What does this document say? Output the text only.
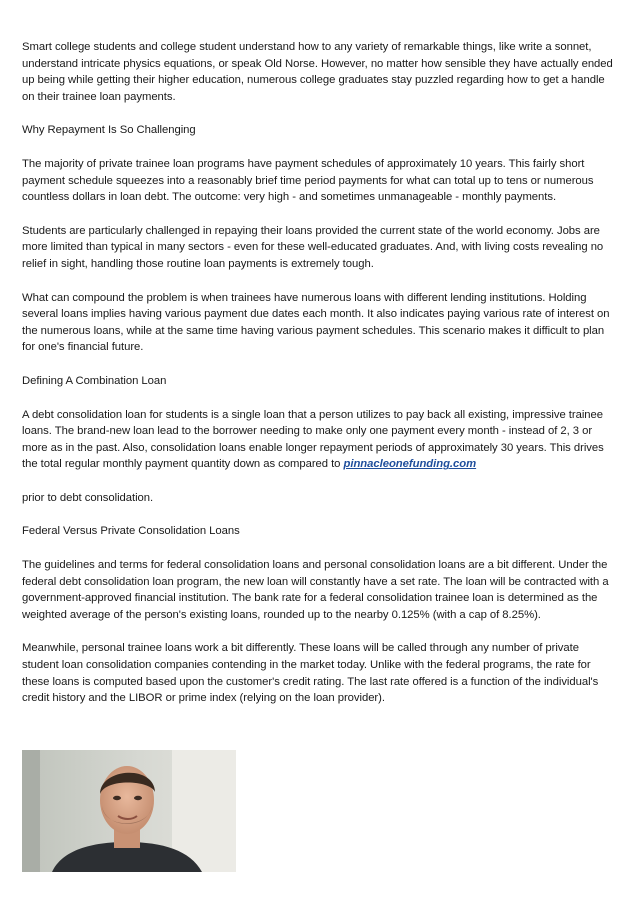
Smart college students and college student understand how to any variety of remarkable things, like write a sonnet, understand intricate physics equations, or speak Old Norse. However, no matter how sensible they have actually ended up being while getting their higher education, numerous college graduates stay puzzled regarding how to get a handle on their trainee loan payments.

Why Repayment Is So Challenging

The majority of private trainee loan programs have payment schedules of approximately 10 years. This fairly short payment schedule squeezes into a reasonably brief time period payments for what can total up to tens or numerous countless dollars in loan debt. The outcome: very high - and sometimes unmanageable - monthly payments.

Students are particularly challenged in repaying their loans provided the current state of the world economy. Jobs are more limited than typical in many sectors - even for these well-educated graduates. And, with living costs revealing no relief in sight, handling those routine loan payments is extremely tough.

What can compound the problem is when trainees have numerous loans with different lending institutions. Holding several loans implies having various payment due dates each month. It also indicates paying various rate of interest on the numerous loans, while at the same time having various payment schedules. This scenario makes it difficult to plan for one's financial future.

Defining A Combination Loan

A debt consolidation loan for students is a single loan that a person utilizes to pay back all existing, impressive trainee loans. The brand-new loan lead to the borrower needing to make only one payment every month - instead of 2, 3 or more as in the past. Also, consolidation loans enable longer repayment periods of approximately 30 years. This drives the total regular monthly payment quantity down as compared to pinnacleonefunding.com

prior to debt consolidation.

Federal Versus Private Consolidation Loans

The guidelines and terms for federal consolidation loans and personal consolidation loans are a bit different. Under the federal debt consolidation loan program, the new loan will constantly have a set rate. The loan will be contracted with a government-approved financial institution. The bank rate for a federal consolidation trainee loan is determined as the weighted average of the person's existing loans, rounded up to the nearby 0.125% (with a cap of 8.25%).

Meanwhile, personal trainee loans work a bit differently. These loans will be called through any number of private student loan consolidation companies contending in the market today. Unlike with the federal programs, the rate for these loans is computed based upon the customer's credit rating. The last rate offered is a function of the individual's credit history and the LIBOR or prime index (relying on the loan provider).
